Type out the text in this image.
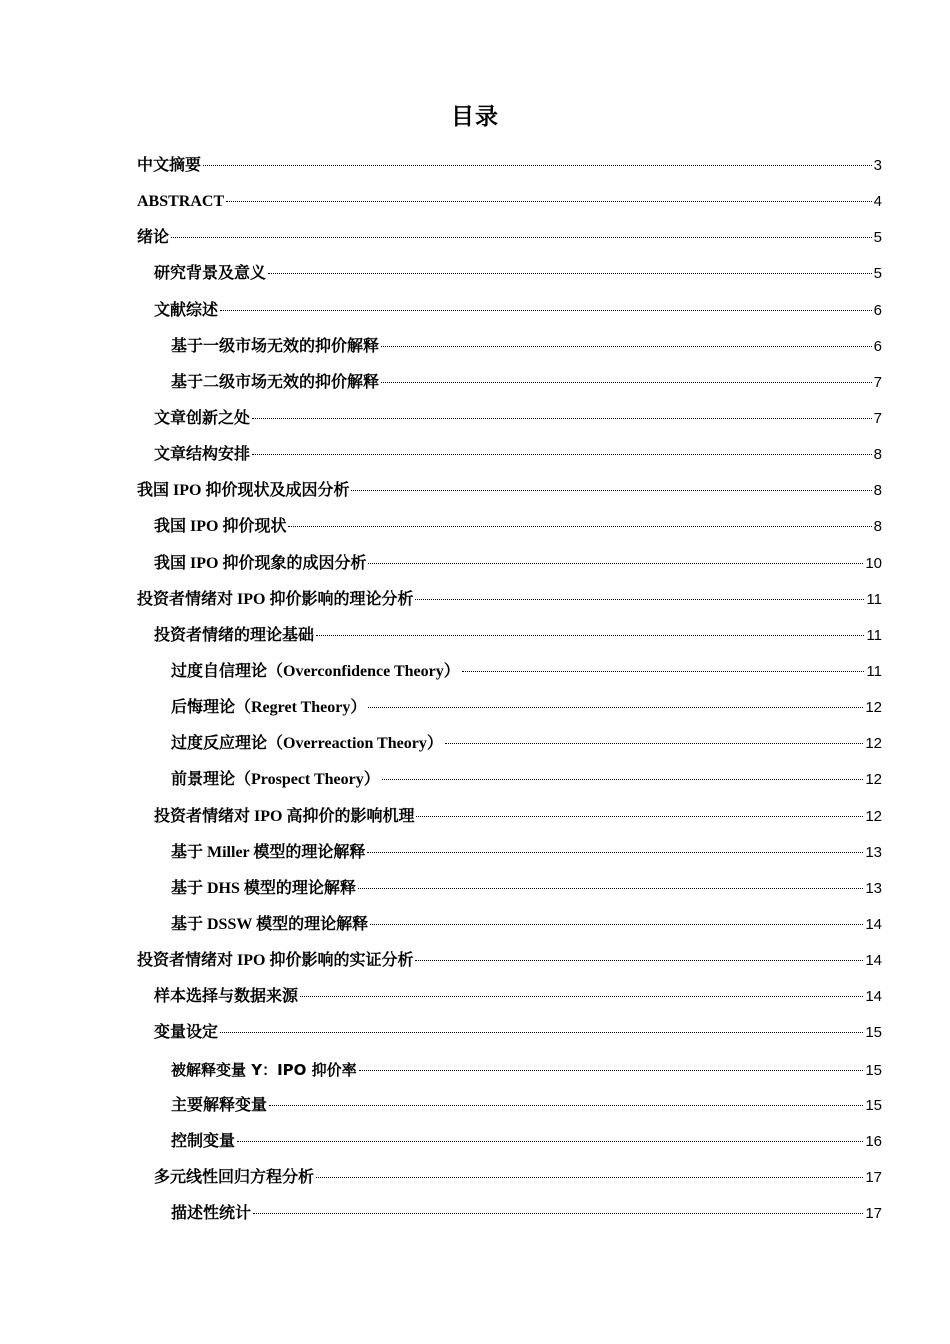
目录
中文摘要	3
ABSTRACT	4
绪论	5
研究背景及意义	5
文献综述	6
基于一级市场无效的抑价解释	6
基于二级市场无效的抑价解释	7
文章创新之处	7
文章结构安排	8
我国 IPO 抑价现状及成因分析	8
我国 IPO 抑价现状	8
我国 IPO 抑价现象的成因分析	10
投资者情绪对 IPO 抑价影响的理论分析	11
投资者情绪的理论基础	11
过度自信理论（Overconfidence Theory）	11
后悔理论（Regret Theory）	12
过度反应理论（Overreaction Theory）	12
前景理论（Prospect Theory）	12
投资者情绪对 IPO 高抑价的影响机理	12
基于 Miller 模型的理论解释	13
基于 DHS 模型的理论解释	13
基于 DSSW 模型的理论解释	14
投资者情绪对 IPO 抑价影响的实证分析	14
样本选择与数据来源	14
变量设定	15
被解释变量 Y：IPO 抑价率	15
主要解释变量	15
控制变量	16
多元线性回归方程分析	17
描述性统计	17
